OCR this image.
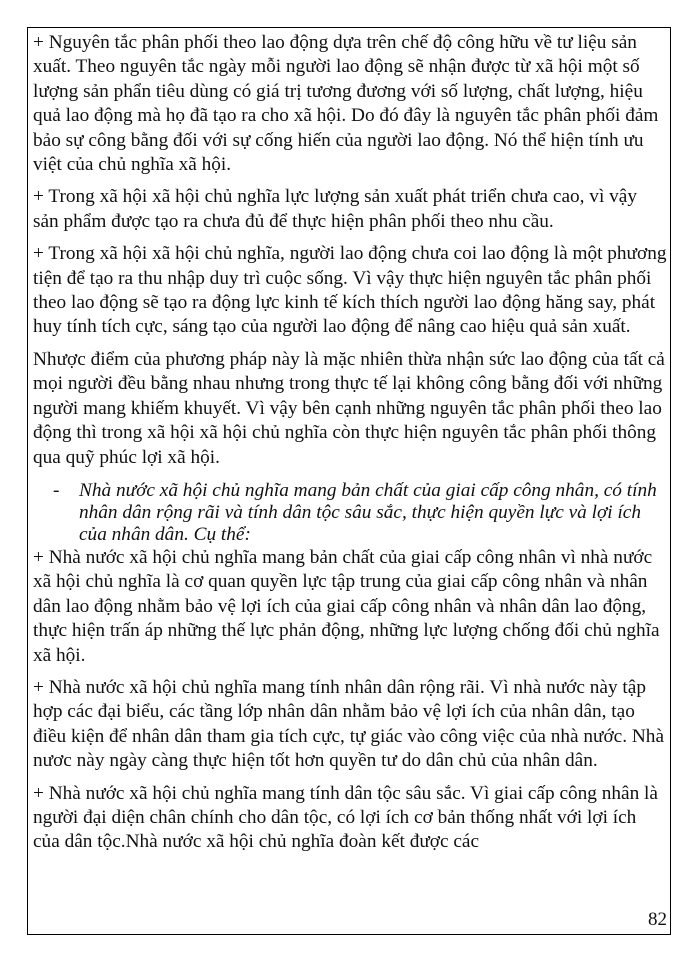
+ Nguyên tắc phân phối theo lao động dựa trên chế độ công hữu về tư liệu sản xuất. Theo nguyên tắc ngày mỗi người lao động sẽ nhận được từ xã hội một số lượng sản phẩn tiêu dùng có giá trị tương đương với số lượng, chất lượng, hiệu quả lao động mà họ đã tạo ra cho xã hội. Do đó đây là nguyên tắc phân phối đảm bảo sự công bằng đối với sự cống hiến của người lao động. Nó thể hiện tính ưu việt của chủ nghĩa xã hội.

+ Trong xã hội xã hội chủ nghĩa lực lượng sản xuất phát triển chưa cao, vì vậy sản phẩm được tạo ra chưa đủ để thực hiện phân phối theo nhu cầu.

+ Trong xã hội xã hội chủ nghĩa, người lao động chưa coi lao động là một phương tiện để tạo ra thu nhập duy trì cuộc sống. Vì vậy thực hiện nguyên tắc phân phối theo lao động sẽ tạo ra động lực kinh tế kích thích người lao động hăng say, phát huy tính tích cực, sáng tạo của người lao động để nâng cao hiệu quả sản xuất.

Nhược điểm của phương pháp này là mặc nhiên thừa nhận sức lao động của tất cả mọi người đều bằng nhau nhưng trong thực tế lại không công bằng đối với những người mang khiếm khuyết. Vì vậy bên cạnh những nguyên tắc phân phối theo lao động thì trong xã hội xã hội chủ nghĩa còn thực hiện nguyên tắc phân phối thông qua quỹ phúc lợi xã hội.

-	Nhà nước xã hội chủ nghĩa mang bản chất của giai cấp công nhân, có tính nhân dân rộng rãi và tính dân tộc sâu sắc, thực hiện quyền lực và lợi ích của nhân dân. Cụ thể:

+ Nhà nước xã hội chủ nghĩa mang bản chất của giai cấp công nhân vì nhà nước xã hội chủ nghĩa là cơ quan quyền lực tập trung của giai cấp công nhân và nhân dân lao động nhằm bảo vệ lợi ích của giai cấp công nhân và nhân dân lao động, thực hiện trấn áp những thế lực phản động, những lực lượng chống đối chủ nghĩa xã hội.

+ Nhà nước xã hội chủ nghĩa mang tính nhân dân rộng rãi. Vì nhà nước này tập hợp các đại biểu, các tầng lớp nhân dân nhằm bảo vệ lợi ích của nhân dân, tạo điều kiện để nhân dân tham gia tích cực, tự giác vào công việc của nhà nước. Nhà nươc này ngày càng thực hiện tốt hơn quyền tư do dân chủ của nhân dân.

+ Nhà nước xã hội chủ nghĩa mang tính dân tộc sâu sắc. Vì giai cấp công nhân là người đại diện chân chính cho dân tộc, có lợi ích cơ bản thống nhất với lợi ích của dân tộc.Nhà nước xã hội chủ nghĩa đoàn kết được các

82
